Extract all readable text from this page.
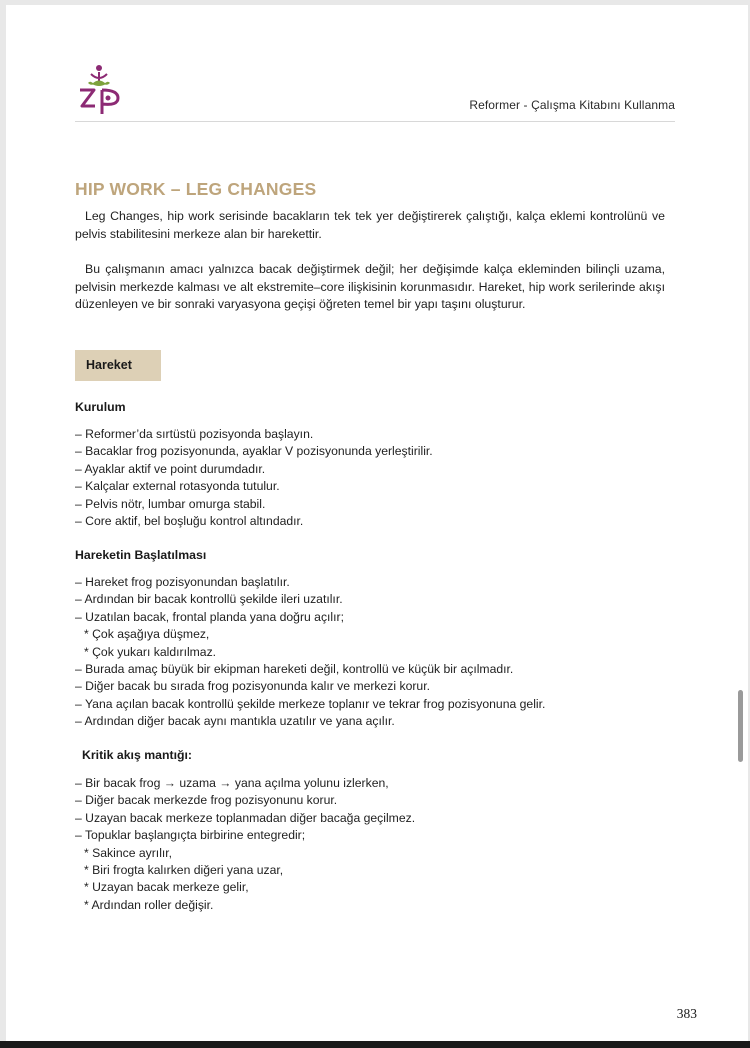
Reformer - Çalışma Kitabını Kullanma
HIP WORK – LEG CHANGES

Leg Changes, hip work serisinde bacakların tek tek yer değiştirerek çalıştığı, kalça eklemi kontrolünü ve pelvis stabilitesini merkeze alan bir harekettir.

Bu çalışmanın amacı yalnızca bacak değiştirmek değil; her değişimde kalça ekleminden bilinçli uzama, pelvisin merkezde kalması ve alt ekstremite–core ilişkisinin korunmasıdır. Hareket, hip work serilerinde akışı düzenleyen ve bir sonraki varyasyona geçişi öğreten temel bir yapı taşını oluşturur.

Hareket
Kurulum
– Reformer’da sırtüstü pozisyonda başlayın.
– Bacaklar frog pozisyonunda, ayaklar V pozisyonunda yerleştirilir.
– Ayaklar aktif ve point durumdadır.
– Kalçalar external rotasyonda tutulur.
– Pelvis nötr, lumbar omurga stabil.
– Core aktif, bel boşluğu kontrol altındadır.
Hareketin Başlatılması
– Hareket frog pozisyonundan başlatılır.
– Ardından bir bacak kontrollü şekilde ileri uzatılır.
– Uzatılan bacak, frontal planda yana doğru açılır;
* Çok aşağıya düşmez,
* Çok yukarı kaldırılmaz.
– Burada amaç büyük bir ekipman hareketi değil, kontrollü ve küçük bir açılmadır.
– Diğer bacak bu sırada frog pozisyonunda kalır ve merkezi korur.
– Yana açılan bacak kontrollü şekilde merkeze toplanır ve tekrar frog pozisyonuna gelir.
– Ardından diğer bacak aynı mantıkla uzatılır ve yana açılır.
Kritik akış mantığı:
– Bir bacak frog → uzama → yana açılma yolunu izlerken,
– Diğer bacak merkezde frog pozisyonunu korur.
– Uzayan bacak merkeze toplanmadan diğer bacağa geçilmez.
– Topuklar başlangıçta birbirine entegredir;
* Sakince ayrılır,
* Biri frogta kalırken diğeri yana uzar,
* Uzayan bacak merkeze gelir,
* Ardından roller değişir.
383
